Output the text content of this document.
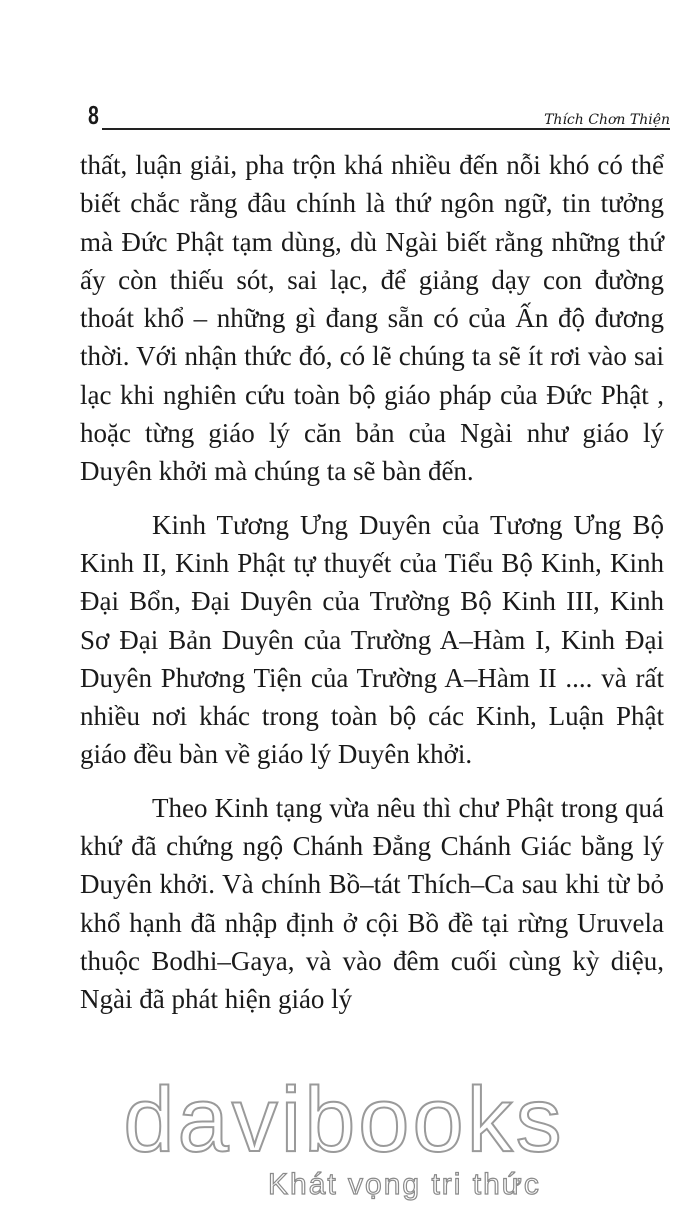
8	Thích Chơn Thiện

thất, luận giải, pha trộn khá nhiều đến nỗi khó có thể biết chắc rằng đâu chính là thứ ngôn ngữ, tin tưởng mà Đức Phật tạm dùng, dù Ngài biết rằng những thứ ấy còn thiếu sót, sai lạc, để giảng dạy con đường thoát khổ – những gì đang sẵn có của Ấn độ đương thời. Với nhận thức đó, có lẽ chúng ta sẽ ít rơi vào sai lạc khi nghiên cứu toàn bộ giáo pháp của Đức Phật , hoặc từng giáo lý căn bản của Ngài như giáo lý Duyên khởi mà chúng ta sẽ bàn đến.

Kinh Tương Ưng Duyên của Tương Ưng Bộ Kinh II, Kinh Phật tự thuyết của Tiểu Bộ Kinh, Kinh Đại Bổn, Đại Duyên của Trường Bộ Kinh III, Kinh Sơ Đại Bản Duyên của Trường A–Hàm I, Kinh Đại Duyên Phương Tiện của Trường A–Hàm II .... và rất nhiều nơi khác trong toàn bộ các Kinh, Luận Phật giáo đều bàn về giáo lý Duyên khởi.

Theo Kinh tạng vừa nêu thì chư Phật trong quá khứ đã chứng ngộ Chánh Đẳng Chánh Giác bằng lý Duyên khởi. Và chính Bồ–tát Thích–Ca sau khi từ bỏ khổ hạnh đã nhập định ở cội Bồ đề tại rừng Uruvela thuộc Bodhi–Gaya, và vào đêm cuối cùng kỳ diệu, Ngài đã phát hiện giáo lý

davibooks
Khát vọng tri thức
